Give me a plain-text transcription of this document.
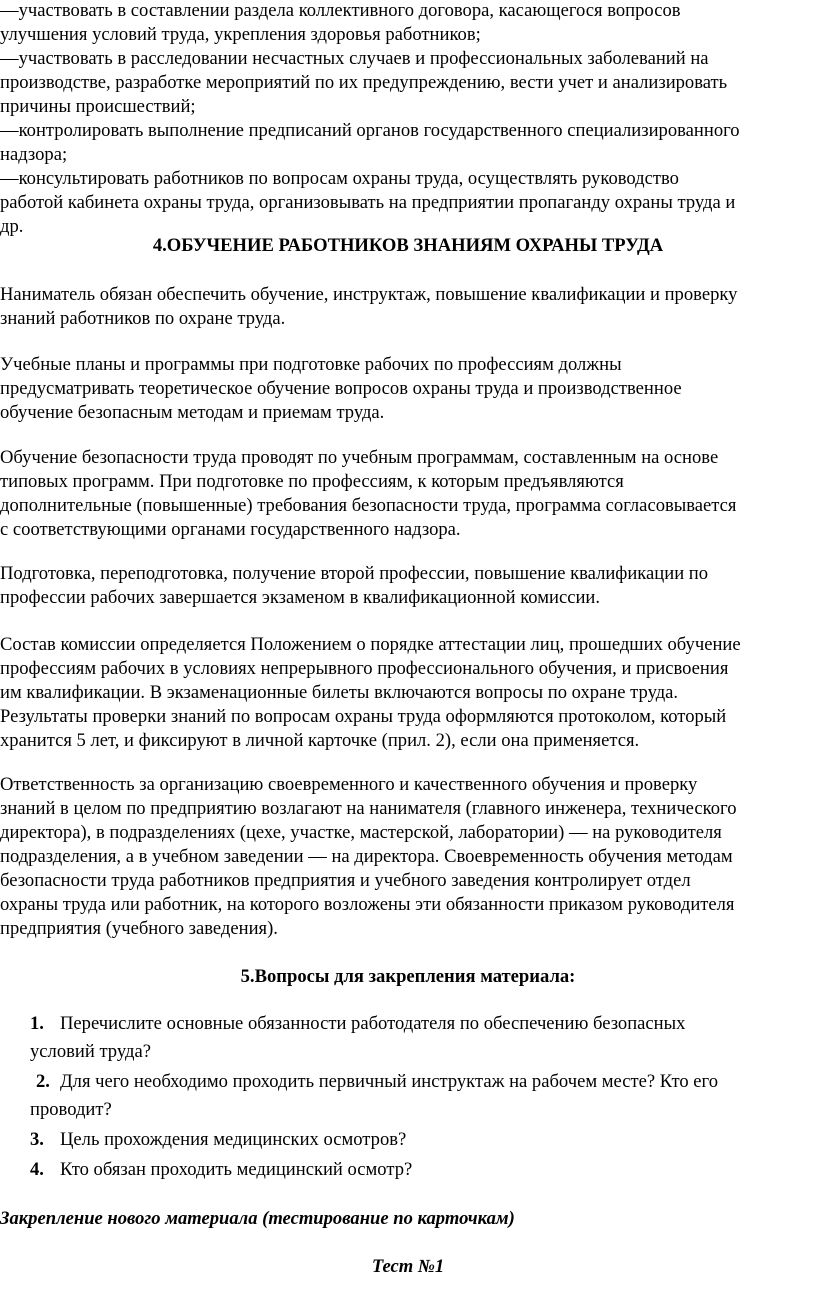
—участвовать в составлении раздела коллективного договора, касающегося вопросов
улучшения условий труда, укрепления здоровья работников;
—участвовать в расследовании несчастных случаев и профессиональных заболеваний на
производстве, разработке мероприятий по их предупреждению, вести учет и анализировать
причины происшествий;
—контролировать выполнение предписаний органов государственного специализированного
надзора;
—консультировать работников по вопросам охраны труда, осуществлять руководство
работой кабинета охраны труда, организовывать на предприятии пропаганду охраны труда и
др.
4.ОБУЧЕНИЕ РАБОТНИКОВ ЗНАНИЯМ ОХРАНЫ ТРУДА
Наниматель обязан обеспечить обучение, инструктаж, повышение квалификации и проверку
знаний работников по охране труда.
Учебные планы и программы при подготовке рабочих по профессиям должны
предусматривать теоретическое обучение вопросов охраны труда и производственное
обучение безопасным методам и приемам труда.
Обучение безопасности труда проводят по учебным программам, составленным на основе
типовых программ. При подготовке по профессиям, к которым предъявляются
дополнительные (повышенные) требования безопасности труда, программа согласовывается
с соответствующими органами государственного надзора.
Подготовка, переподготовка, получение второй профессии, повышение квалификации по
профессии рабочих завершается экзаменом в квалификационной комиссии.
Состав комиссии определяется Положением о порядке аттестации лиц, прошедших обучение
профессиям рабочих в условиях непрерывного профессионального обучения, и присвоения
им квалификации. В экзаменационные билеты включаются вопросы по охране труда.
Результаты проверки знаний по вопросам охраны труда оформляются протоколом, который
хранится 5 лет, и фиксируют в личной карточке (прил. 2), если она применяется.
Ответственность за организацию своевременного и качественного обучения и проверку
знаний в целом по предприятию возлагают на нанимателя (главного инженера, технического
директора), в подразделениях (цехе, участке, мастерской, лаборатории) — на руководителя
подразделения, а в учебном заведении — на директора. Своевременность обучения методам
безопасности труда работников предприятия и учебного заведения контролирует отдел
охраны труда или работник, на которого возложены эти обязанности приказом руководителя
предприятия (учебного заведения).
5.Вопросы для закрепления материала:
1. Перечислите основные обязанности работодателя по обеспечению безопасных
условий труда?
2. Для чего необходимо проходить первичный инструктаж на рабочем месте? Кто его
проводит?
3. Цель прохождения медицинских осмотров?
4. Кто обязан проходить медицинский осмотр?
Закрепление нового материала (тестирование по карточкам)
Тест №1
